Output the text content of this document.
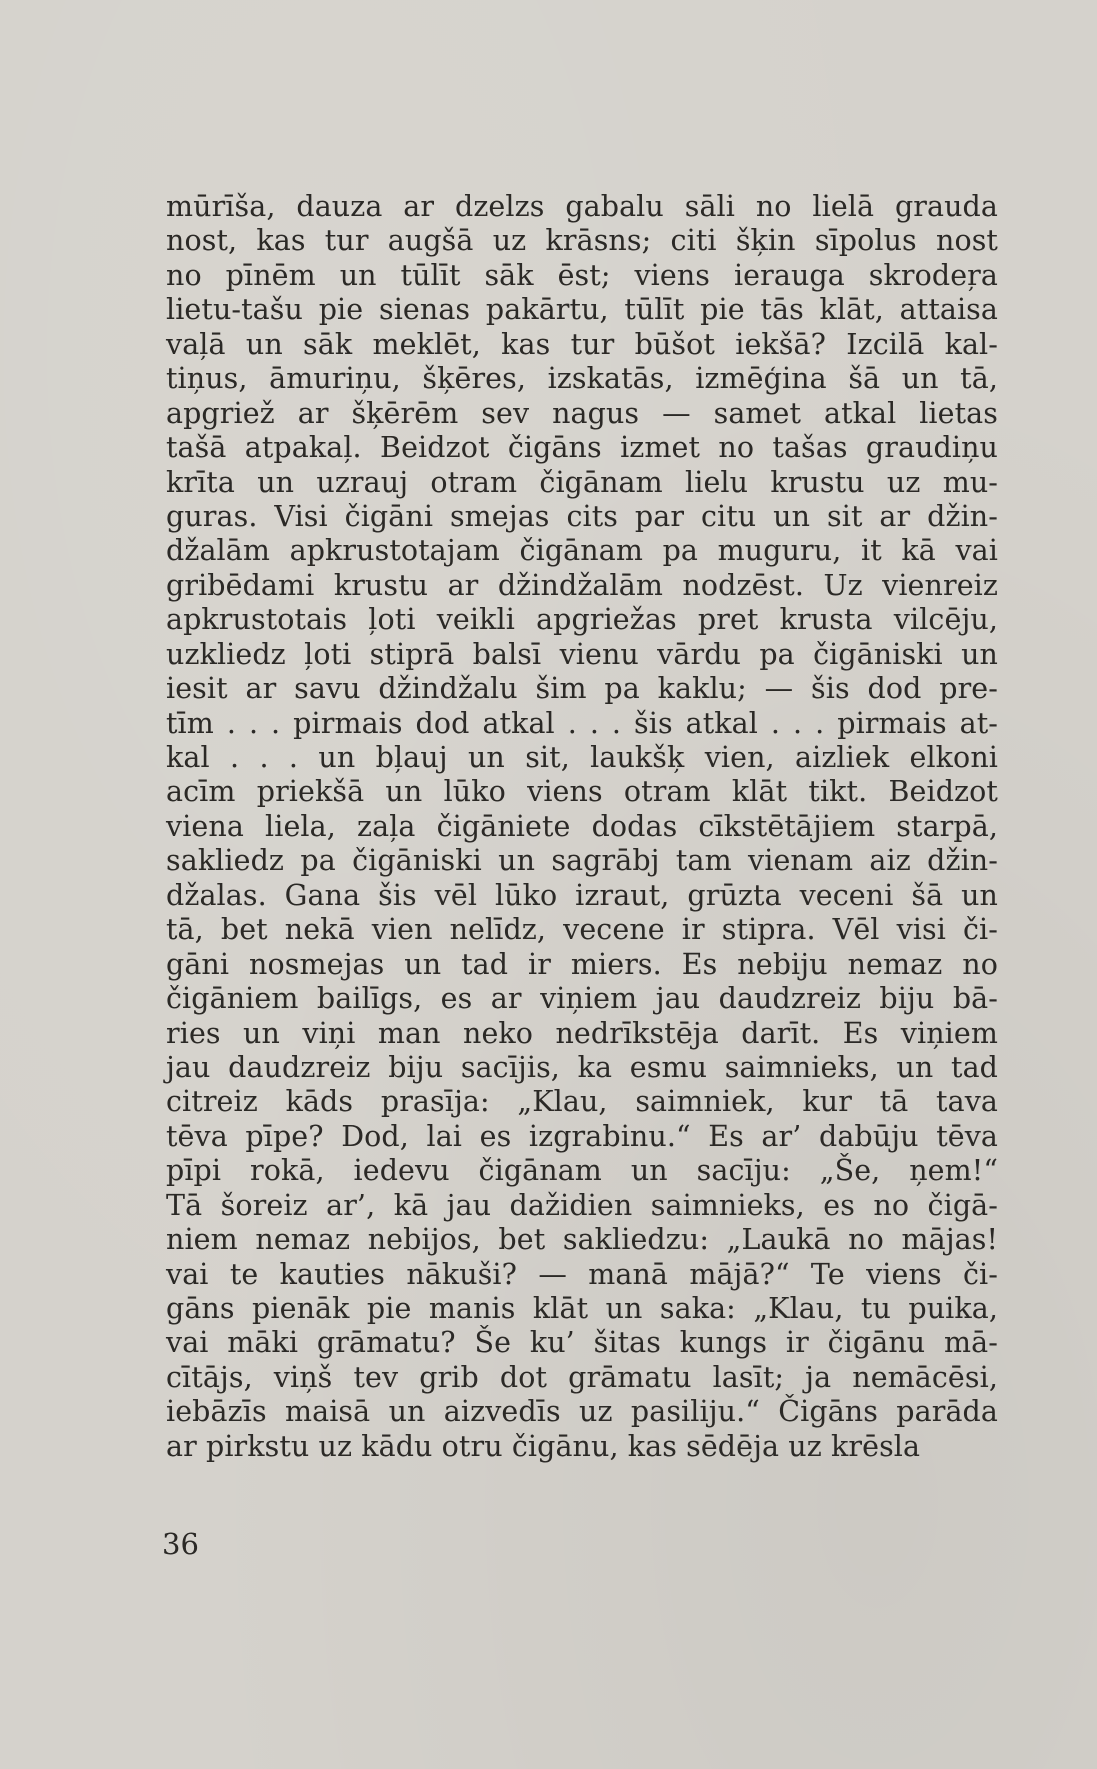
mūrīša, dauza ar dzelzs gabalu sāli no lielā grauda
nost, kas tur augšā uz krāsns; citi šķin sīpolus nost
no pīnēm un tūlīt sāk ēst; viens ierauga skrodeŗa
lietu-tašu pie sienas pakārtu, tūlīt pie tās klāt, attaisa
vaļā un sāk meklēt, kas tur būšot iekšā? Izcilā kal-
tiņus, āmuriņu, šķēres, izskatās, izmēģina šā un tā,
apgriež ar šķērēm sev nagus — samet atkal lietas
tašā atpakaļ. Beidzot čigāns izmet no tašas graudiņu
krīta un uzrauj otram čigānam lielu krustu uz mu-
guras. Visi čigāni smejas cits par citu un sit ar džin-
džalām apkrustotajam čigānam pa muguru, it kā vai
gribēdami krustu ar džindžalām nodzēst. Uz vienreiz
apkrustotais ļoti veikli apgriežas pret krusta vilcēju,
uzkliedz ļoti stiprā balsī vienu vārdu pa čigāniski un
iesit ar savu džindžalu šim pa kaklu; — šis dod pre-
tīm . . . pirmais dod atkal . . . šis atkal . . . pirmais at-
kal . . . un bļauj un sit, laukšķ vien, aizliek elkoni
acīm priekšā un lūko viens otram klāt tikt. Beidzot
viena liela, zaļa čigāniete dodas cīkstētājiem starpā,
sakliedz pa čigāniski un sagrābj tam vienam aiz džin-
džalas. Gana šis vēl lūko izraut, grūzta veceni šā un
tā, bet nekā vien nelīdz, vecene ir stipra. Vēl visi či-
gāni nosmejas un tad ir miers. Es nebiju nemaz no
čigāniem bailīgs, es ar viņiem jau daudzreiz biju bā-
ries un viņi man neko nedrīkstēja darīt. Es viņiem
jau daudzreiz biju sacījis, ka esmu saimnieks, un tad
citreiz kāds prasīja: „Klau, saimniek, kur tā tava
tēva pīpe? Dod, lai es izgrabinu.“ Es ar’ dabūju tēva
pīpi rokā, iedevu čigānam un sacīju: „Še, ņem!“
Tā šoreiz ar’, kā jau dažidien saimnieks, es no čigā-
niem nemaz nebijos, bet sakliedzu: „Laukā no mājas!
vai te kauties nākuši? — manā mājā?“ Te viens či-
gāns pienāk pie manis klāt un saka: „Klau, tu puika,
vai māki grāmatu? Še ku’ šitas kungs ir čigānu mā-
cītājs, viņš tev grib dot grāmatu lasīt; ja nemācēsi,
iebāzīs maisā un aizvedīs uz pasiliju.“ Čigāns parāda
ar pirkstu uz kādu otru čigānu, kas sēdēja uz krēsla
36
